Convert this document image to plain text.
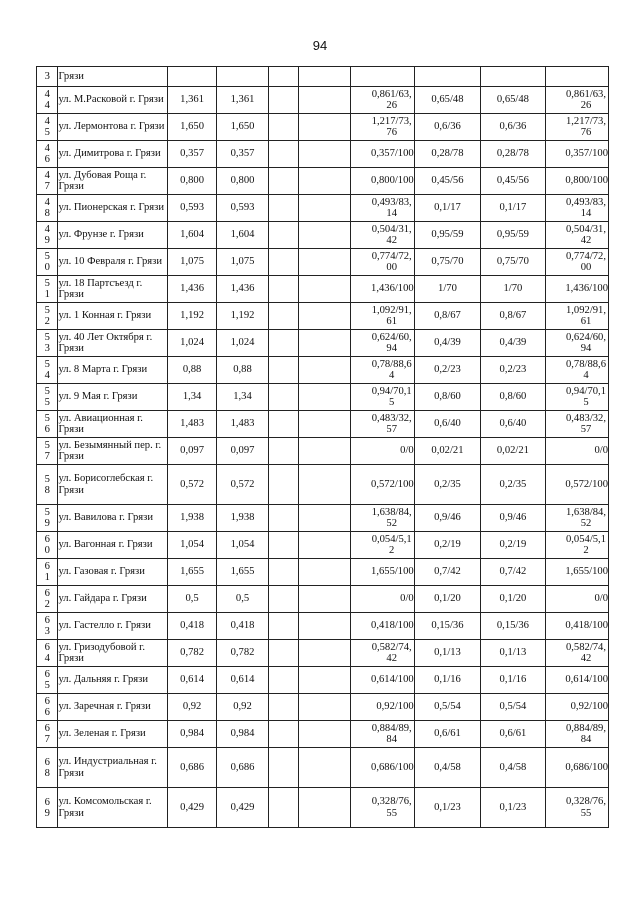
94
3	Грязи								

44	ул. М.Расковой г. Грязи	1,361	1,361			0,861/63,26	0,65/48	0,65/48	0,861/63,26

45	ул. Лермонтова г. Грязи	1,650	1,650			1,217/73,76	0,6/36	0,6/36	1,217/73,76

46	ул. Димитрова г. Грязи	0,357	0,357			0,357/100	0,28/78	0,28/78	0,357/100

47	ул. Дубовая Роща г. Грязи	0,800	0,800			0,800/100	0,45/56	0,45/56	0,800/100

48	ул. Пионерская г. Грязи	0,593	0,593			0,493/83,14	0,1/17	0,1/17	0,493/83,14

49	ул. Фрунзе г. Грязи	1,604	1,604			0,504/31,42	0,95/59	0,95/59	0,504/31,42

50	ул. 10 Февраля г. Грязи	1,075	1,075			0,774/72,00	0,75/70	0,75/70	0,774/72,00

51	ул. 18 Партсъезд г. Грязи	1,436	1,436			1,436/100	1/70	1/70	1,436/100

52	ул. 1 Конная г. Грязи	1,192	1,192			1,092/91,61	0,8/67	0,8/67	1,092/91,61

53	ул. 40 Лет Октября г. Грязи	1,024	1,024			0,624/60,94	0,4/39	0,4/39	0,624/60,94

54	ул. 8 Марта г. Грязи	0,88	0,88			0,78/88,64	0,2/23	0,2/23	0,78/88,64

55	ул. 9 Мая г. Грязи	1,34	1,34			0,94/70,15	0,8/60	0,8/60	0,94/70,15

56	ул. Авиационная г. Грязи	1,483	1,483			0,483/32,57	0,6/40	0,6/40	0,483/32,57

57	ул. Безымянный пер. г. Грязи	0,097	0,097			0/0	0,02/21	0,02/21	0/0

58	ул. Борисоглебская г. Грязи	0,572	0,572			0,572/100	0,2/35	0,2/35	0,572/100

59	ул. Вавилова г. Грязи	1,938	1,938			1,638/84,52	0,9/46	0,9/46	1,638/84,52

60	ул. Вагонная г. Грязи	1,054	1,054			0,054/5,12	0,2/19	0,2/19	0,054/5,12

61	ул. Газовая г. Грязи	1,655	1,655			1,655/100	0,7/42	0,7/42	1,655/100

62	ул. Гайдара г. Грязи	0,5	0,5			0/0	0,1/20	0,1/20	0/0

63	ул. Гастелло г. Грязи	0,418	0,418			0,418/100	0,15/36	0,15/36	0,418/100

64	ул. Гризодубовой г. Грязи	0,782	0,782			0,582/74,42	0,1/13	0,1/13	0,582/74,42

65	ул. Дальняя г. Грязи	0,614	0,614			0,614/100	0,1/16	0,1/16	0,614/100

66	ул. Заречная г. Грязи	0,92	0,92			0,92/100	0,5/54	0,5/54	0,92/100

67	ул. Зеленая г. Грязи	0,984	0,984			0,884/89,84	0,6/61	0,6/61	0,884/89,84

68	ул. Индустриальная г. Грязи	0,686	0,686			0,686/100	0,4/58	0,4/58	0,686/100

69	ул. Комсомольская г. Грязи	0,429	0,429			0,328/76,55	0,1/23	0,1/23	0,328/76,55
